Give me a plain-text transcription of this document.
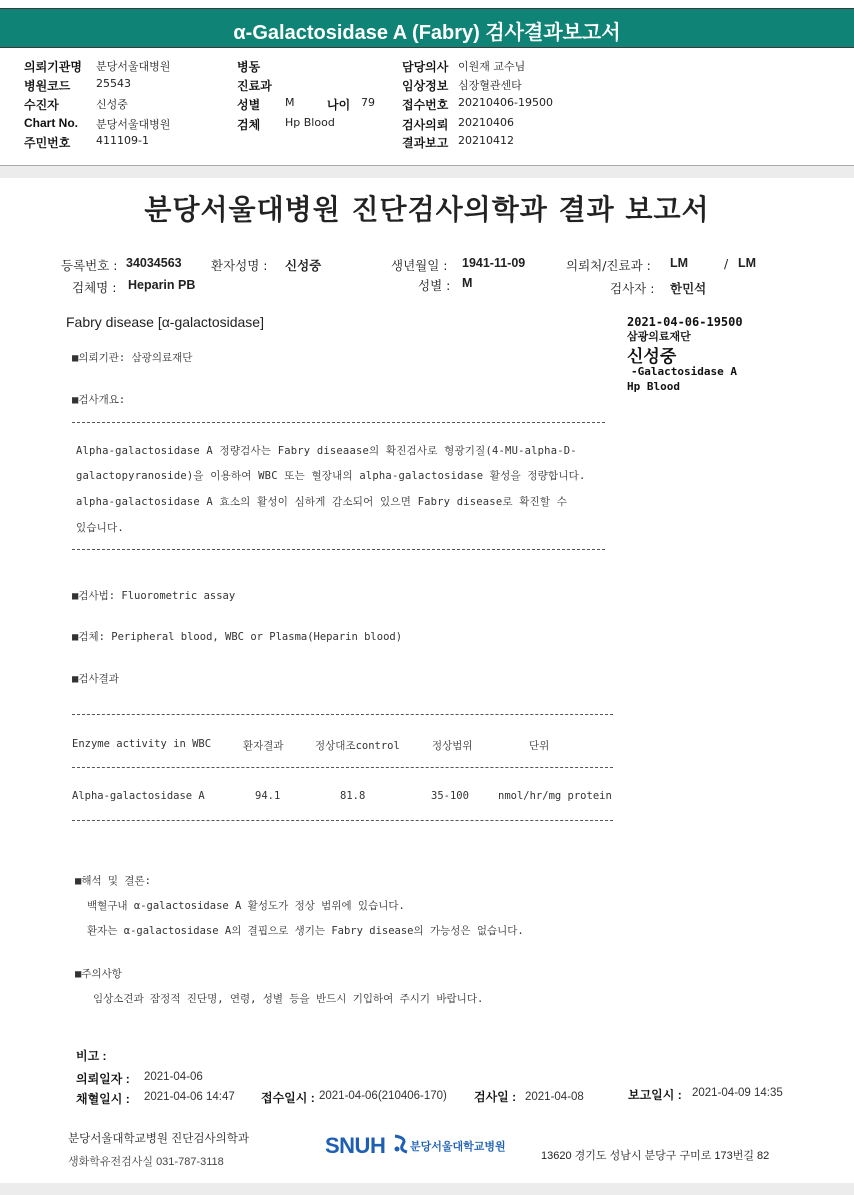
α-Galactosidase A (Fabry) 검사결과보고서
의뢰기관명 분당서울대병원
병원코드 25543
수진자	신성중
Chart No. 분당서울대병원
주민번호 411109-1
병동
진료과
성별 M	나이 79
검체 Hp Blood
담당의사 이원재 교수님
임상정보 심장혈관센타
접수번호 20210406-19500
검사의뢰 20210406
결과보고 20210412
분당서울대병원 진단검사의학과 결과 보고서
등록번호 : 34034563 환자성명 : 신성중	생년월일 : 1941-11-09	의뢰처/진료과 : LM	/ LM
검체명 : Heparin PB	성별 : M	검사자 : 한민석
Fabry disease [α-galactosidase]	2021-04-06-19500
삼광의료재단
신성중
-Galactosidase A
Hp Blood
■의뢰기관: 삼광의료재단
■검사개요:
Alpha-galactosidase A 정량검사는 Fabry diseaase의 확진검사로 형광기질(4-MU-alpha-D-
galactopyranoside)을 이용하여 WBC 또는 혈장내의 alpha-galactosidase 활성을 정량합니다.
alpha-galactosidase A 효소의 활성이 심하게 감소되어 있으면 Fabry disease로 확진할 수
있습니다.
■검사법: Fluorometric assay
■검체: Peripheral blood, WBC or Plasma(Heparin blood)
■검사결과
Enzyme activity in WBC	환자결과	정상대조control	정상범위	단위
Alpha-galactosidase A	94.1	81.8	35-100	nmol/hr/mg protein
■해석 및 결론:
백혈구내 α-galactosidase A 활성도가 정상 범위에 있습니다.
환자는 α-galactosidase A의 결핍으로 생기는 Fabry disease의 가능성은 없습니다.
■주의사항
임상소견과 잠정적 진단명, 연령, 성별 등을 반드시 기입하여 주시기 바랍니다.
비고 :
의뢰일자 : 2021-04-06
채혈일시 : 2021-04-06 14:47 접수일시 : 2021-04-06(210406-170) 검사일 : 2021-04-08	보고일시 : 2021-04-09 14:35
분당서울대학교병원 진단검사의학과
생화학유전검사실 031-787-3118
SNUH 분당서울대학교병원
13620 경기도 성남시 분당구 구미로 173번길 82
